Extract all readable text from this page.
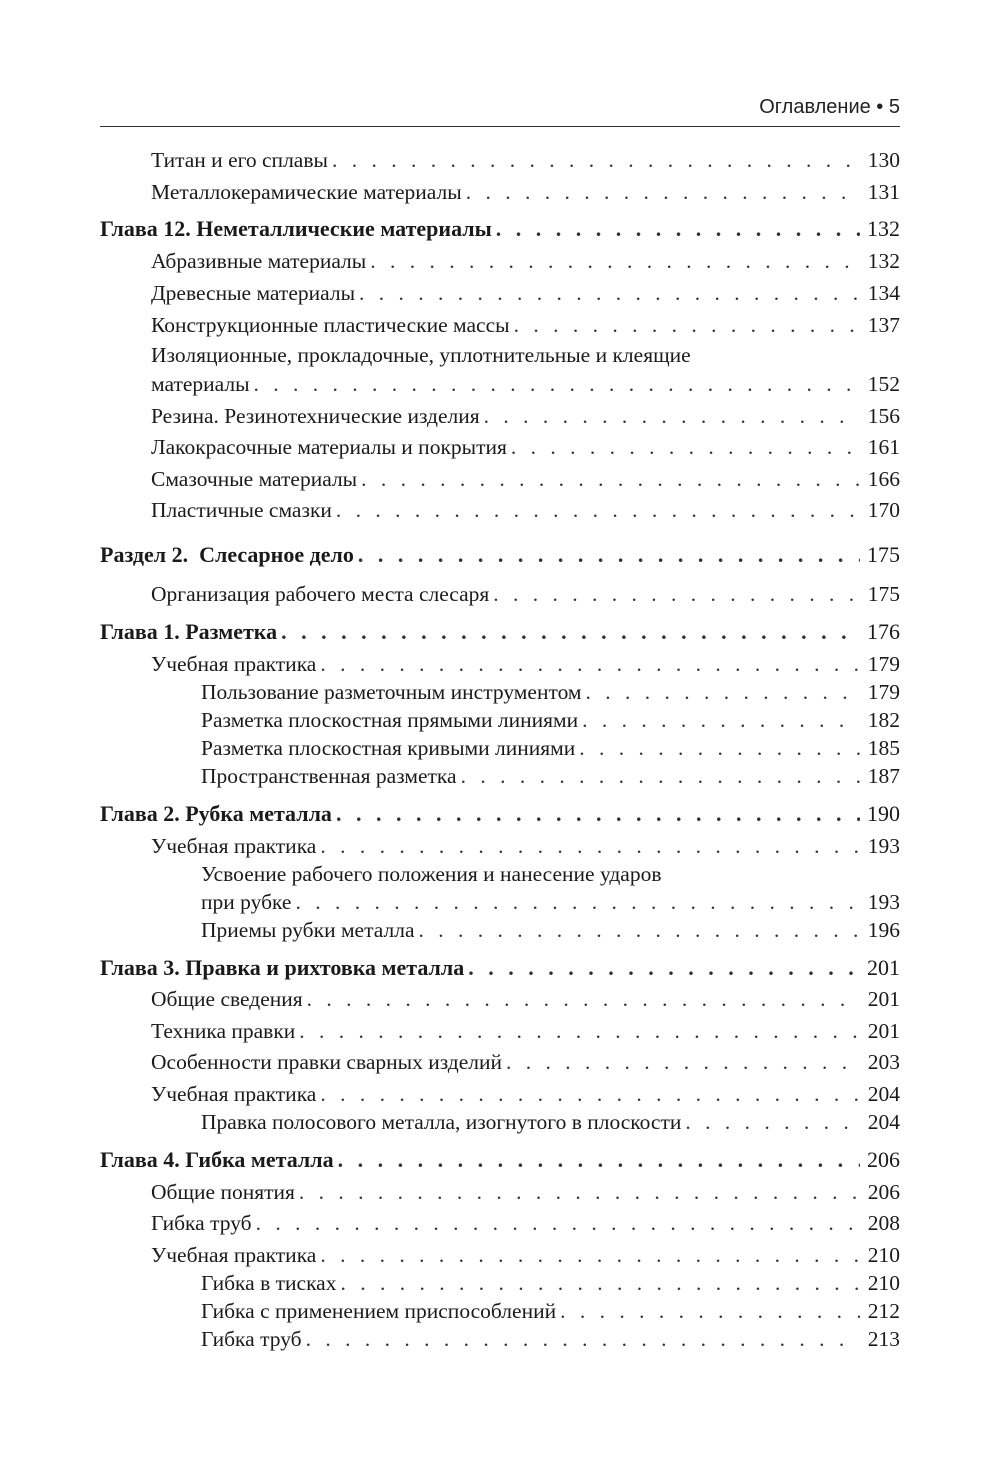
Оглавление • 5
Титан и его сплавы . . .	130
Металлокерамические материалы . . .	131
Глава 12. Неметаллические материалы . . .	132
Абразивные материалы . . .	132
Древесные материалы . . .	134
Конструкционные пластические массы . . .	137
Изоляционные, прокладочные, уплотнительные и клеящие
материалы . . .	152
Резина. Резинотехнические изделия . . .	156
Лакокрасочные материалы и покрытия . . .	161
Смазочные материалы . . .	166
Пластичные смазки . . .	170
Раздел 2.  Слесарное дело . . .	175
Организация рабочего места слесаря . . .	175
Глава 1. Разметка . . .	176
Учебная практика . . .	179
Пользование разметочным инструментом . . .	179
Разметка плоскостная прямыми линиями . . .	182
Разметка плоскостная кривыми линиями . . .	185
Пространственная разметка . . .	187
Глава 2. Рубка металла . . .	190
Учебная практика . . .	193
Усвоение рабочего положения и нанесение ударов
при рубке . . .	193
Приемы рубки металла . . .	196
Глава 3. Правка и рихтовка металла . . .	201
Общие сведения . . .	201
Техника правки . . .	201
Особенности правки сварных изделий . . .	203
Учебная практика . . .	204
Правка полосового металла, изогнутого в плоскости . . .	204
Глава 4. Гибка металла . . .	206
Общие понятия . . .	206
Гибка труб . . .	208
Учебная практика . . .	210
Гибка в тисках . . .	210
Гибка с применением приспособлений . . .	212
Гибка труб . . .	213
